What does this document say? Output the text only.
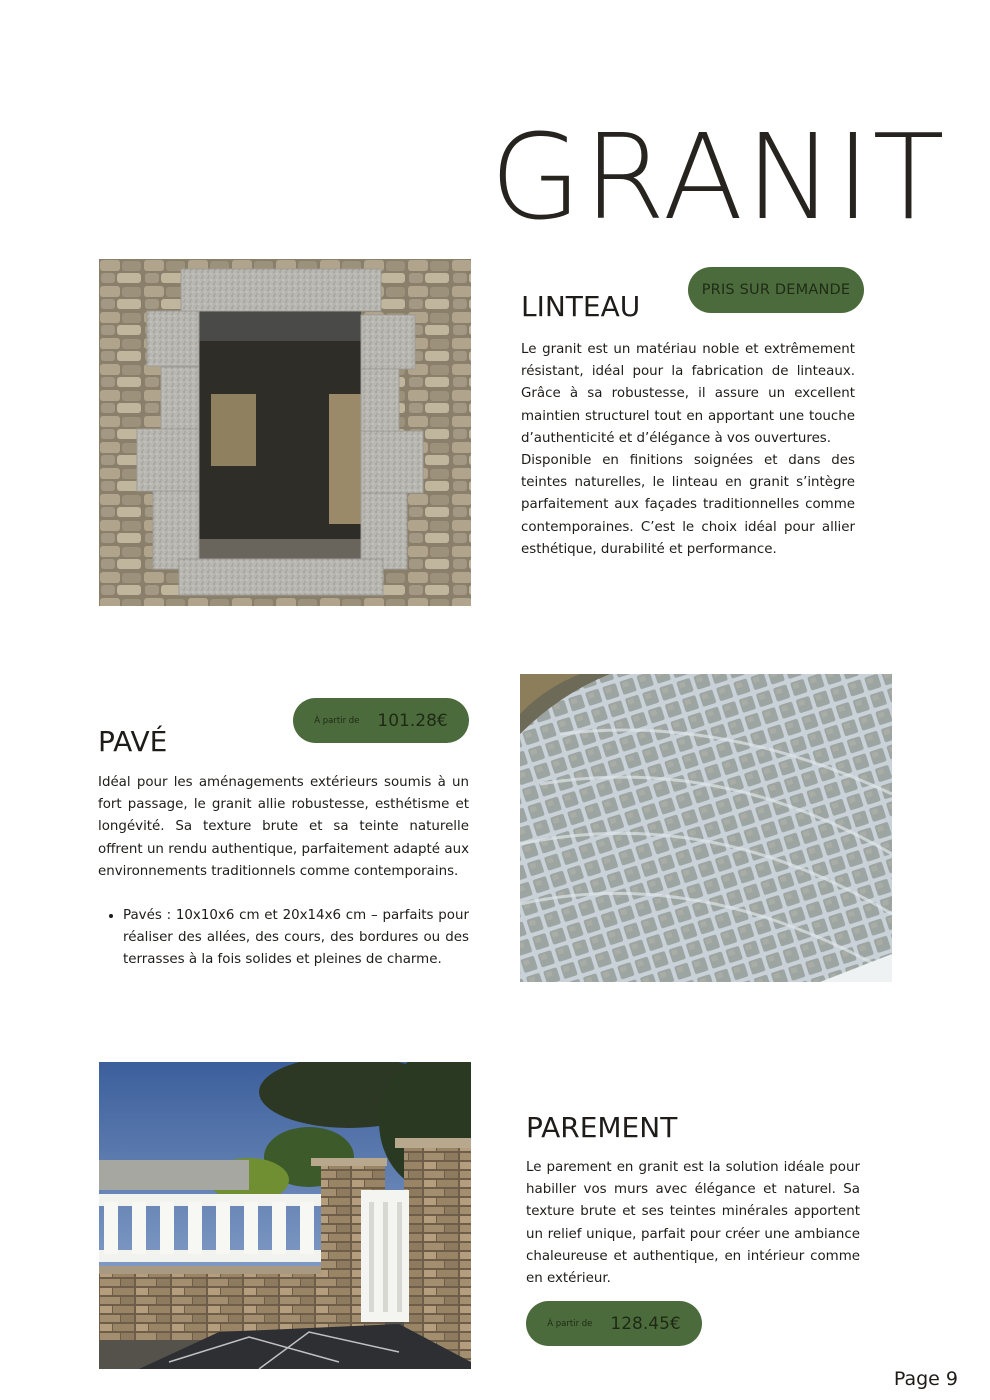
GRANIT
PRIS SUR DEMANDE
LINTEAU

Le granit est un matériau noble et extrêmement résistant, idéal pour la fabrication de linteaux. Grâce à sa robustesse, il assure un excellent maintien structurel tout en apportant une touche d’authenticité et d’élégance à vos ouvertures.

Disponible en finitions soignées et dans des teintes naturelles, le linteau en granit s’intègre parfaitement aux façades traditionnelles comme contemporaines. C’est le choix idéal pour allier esthétique, durabilité et performance.

À partir de 101.28€
PAVÉ

Idéal pour les aménagements extérieurs soumis à un fort passage, le granit allie robustesse, esthétisme et longévité. Sa texture brute et sa teinte naturelle offrent un rendu authentique, parfaitement adapté aux environnements traditionnels comme contemporains.

• Pavés : 10x10x6 cm et 20x14x6 cm – parfaits pour réaliser des allées, des cours, des bordures ou des terrasses à la fois solides et pleines de charme.
PAREMENT

Le parement en granit est la solution idéale pour habiller vos murs avec élégance et naturel. Sa texture brute et ses teintes minérales apportent un relief unique, parfait pour créer une ambiance chaleureuse et authentique, en intérieur comme en extérieur.

À partir de 128.45€
Page 9
